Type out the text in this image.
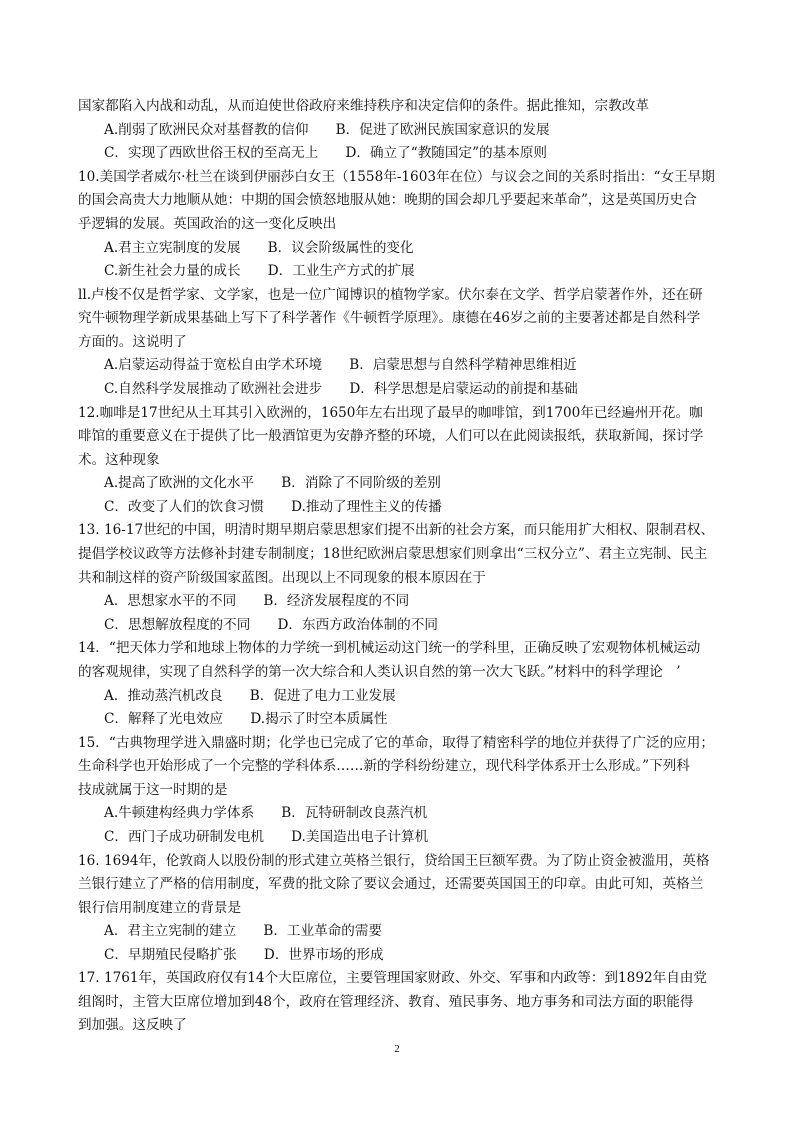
国家都陷入内战和动乱，从而迫使世俗政府来维持秩序和决定信仰的条件。据此推知，宗教改革
A.削弱了欧洲民众对基督教的信仰　　B．促进了欧洲民族国家意识的发展
C．实现了西欧世俗王权的至高无上　　D．确立了“教随国定”的基本原则
10.美国学者威尔·杜兰在谈到伊丽莎白女王（1558年-1603年在位）与议会之间的关系时指出：“女王早期
的国会高贵大力地顺从她：中期的国会愤怒地服从她：晚期的国会却几乎要起来革命”，这是英国历史合
乎逻辑的发展。英国政治的这一变化反映出
A.君主立宪制度的发展　　B．议会阶级属性的变化
C.新生社会力量的成长　　D．工业生产方式的扩展
ll.卢梭不仅是哲学家、文学家，也是一位广闻博识的植物学家。伏尔泰在文学、哲学启蒙著作外，还在研
究牛顿物理学新成果基础上写下了科学著作《牛顿哲学原理》。康德在46岁之前的主要著述都是自然科学
方面的。这说明了
A.启蒙运动得益于宽松自由学术环境　　B．启蒙思想与自然科学精神思维相近
C.自然科学发展推动了欧洲社会进步　　D．科学思想是启蒙运动的前提和基础
12.咖啡是17世纪从土耳其引入欧洲的，1650年左右出现了最早的咖啡馆，到1700年已经遍州开花。咖
啡馆的重要意义在于提供了比一般酒馆更为安静齐整的环境，人们可以在此阅读报纸，获取新闻，探讨学
术。这种现象
A.提高了欧洲的文化水平　　B．消除了不同阶级的差别
C．改变了人们的饮食习惯　　D.推动了理性主义的传播
13. 16-17世纪的中国，明清时期早期启蒙思想家们提不出新的社会方案，而只能用扩大相权、限制君权、
提倡学校议政等方法修补封建专制制度；18世纪欧洲启蒙思想家们则拿出“三权分立”、君主立宪制、民主
共和制这样的资产阶级国家蓝图。出现以上不同现象的根本原因在于
A．思想家水平的不同　　B．经济发展程度的不同
C．思想解放程度的不同　　D．东西方政治体制的不同
14．“把天体力学和地球上物体的力学统一到机械运动这门统一的学科里，正确反映了宏观物体机械运动
的客观规律，实现了自然科学的第一次大综合和人类认识自然的第一次大飞跃。”材料中的科学理论　’
A．推动蒸汽机改良　　B．促进了电力工业发展
C．解释了光电效应　　D.揭示了时空本质属性
15．“古典物理学进入鼎盛时期；化学也已完成了它的革命，取得了精密科学的地位并获得了广泛的应用；
生命科学也开始形成了一个完整的学科体系……新的学科纷纷建立，现代科学体系开士么形成。”下列科
技成就属于这一时期的是
A.牛顿建构经典力学体系　　B．瓦特研制改良蒸汽机
C．西门子成功研制发电机　　D.美国造出电子计算机
16. 1694年，伦敦商人以股份制的形式建立英格兰银行，贷给国王巨额军费。为了防止资金被滥用，英格
兰银行建立了严格的信用制度，军费的批文除了要议会通过，还需要英国国王的印章。由此可知，英格兰
银行信用制度建立的背景是
A．君主立宪制的建立　　B．工业革命的需要
C．早期殖民侵略扩张　　D．世界市场的形成
17. 1761年，英国政府仅有14个大臣席位，主要管理国家财政、外交、军事和内政等：到1892年自由党
组阁时，主管大臣席位增加到48个，政府在管理经济、教育、殖民事务、地方事务和司法方面的职能得
到加强。这反映了
2
